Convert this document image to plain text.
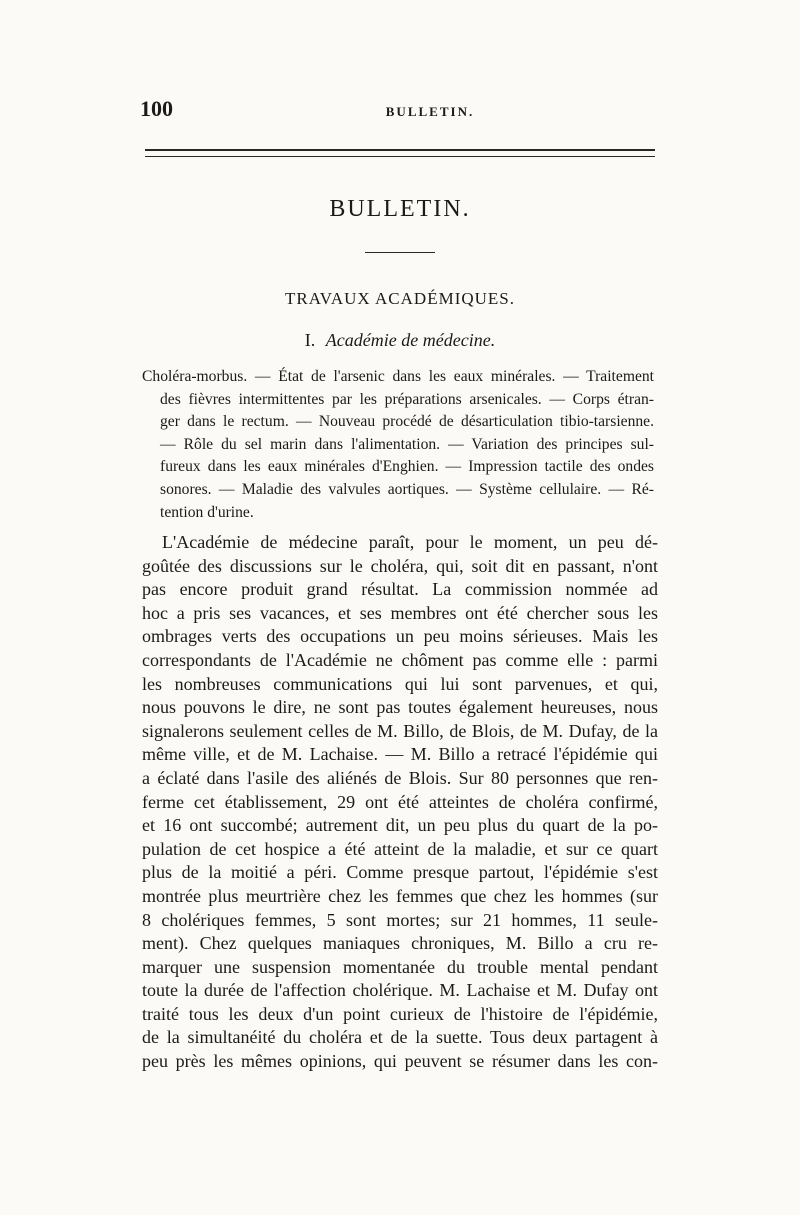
100	BULLETIN.
BULLETIN.
TRAVAUX ACADÉMIQUES.
I. Académie de médecine.
Choléra-morbus. — État de l'arsenic dans les eaux minérales. — Traitement
des fièvres intermittentes par les préparations arsenicales. — Corps étran-
ger dans le rectum. — Nouveau procédé de désarticulation tibio-tarsienne.
— Rôle du sel marin dans l'alimentation. — Variation des principes sul-
fureux dans les eaux minérales d'Enghien. — Impression tactile des ondes
sonores. — Maladie des valvules aortiques. — Système cellulaire. — Ré-
tention d'urine.
L'Académie de médecine paraît, pour le moment, un peu dé-
goûtée des discussions sur le choléra, qui, soit dit en passant, n'ont
pas encore produit grand résultat. La commission nommée ad
hoc a pris ses vacances, et ses membres ont été chercher sous les
ombrages verts des occupations un peu moins sérieuses. Mais les
correspondants de l'Académie ne chôment pas comme elle : parmi
les nombreuses communications qui lui sont parvenues, et qui,
nous pouvons le dire, ne sont pas toutes également heureuses, nous
signalerons seulement celles de M. Billo, de Blois, de M. Dufay, de la
même ville, et de M. Lachaise. — M. Billo a retracé l'épidémie qui
a éclaté dans l'asile des aliénés de Blois. Sur 80 personnes que ren-
ferme cet établissement, 29 ont été atteintes de choléra confirmé,
et 16 ont succombé; autrement dit, un peu plus du quart de la po-
pulation de cet hospice a été atteint de la maladie, et sur ce quart
plus de la moitié a péri. Comme presque partout, l'épidémie s'est
montrée plus meurtrière chez les femmes que chez les hommes (sur
8 cholériques femmes, 5 sont mortes; sur 21 hommes, 11 seule-
ment). Chez quelques maniaques chroniques, M. Billo a cru re-
marquer une suspension momentanée du trouble mental pendant
toute la durée de l'affection cholérique. M. Lachaise et M. Dufay ont
traité tous les deux d'un point curieux de l'histoire de l'épidémie,
de la simultanéité du choléra et de la suette. Tous deux partagent à
peu près les mêmes opinions, qui peuvent se résumer dans les con-
